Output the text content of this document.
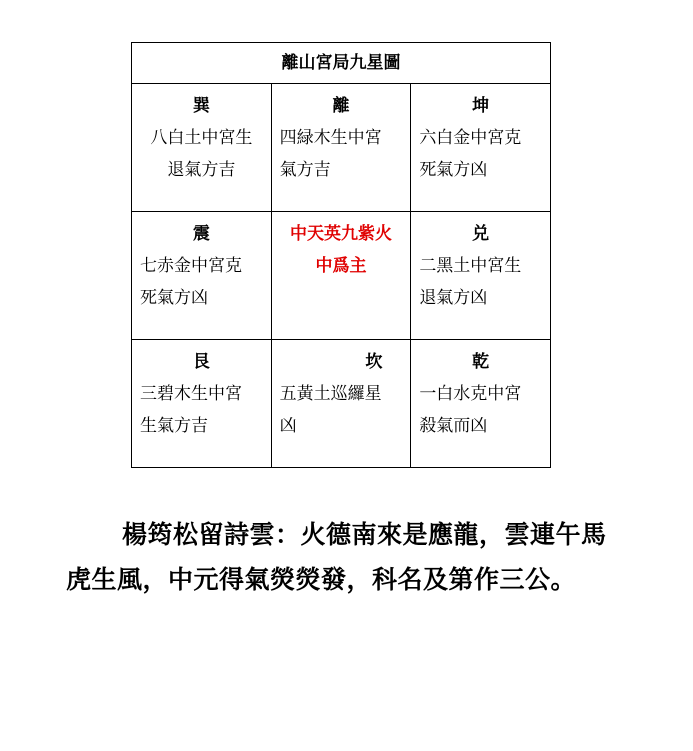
離山宮局九星圖		

巽
八白土中宮生
退氣方吉	離
四緑木生中宮
氣方吉	坤
六白金中宮克
死氣方凶

震
七赤金中宮克
死氣方凶	中天英九紫火
中爲主	兑
二黑土中宮生
退氣方凶

艮
三碧木生中宮
生氣方吉	坎
五黃土巡纙星
凶	乾
一白水克中宮
殺氣而凶
楊筠松留詩雲：火德南來是應龍，雲連午馬虎生風，中元得氣熒熒發，科名及第作三公。
